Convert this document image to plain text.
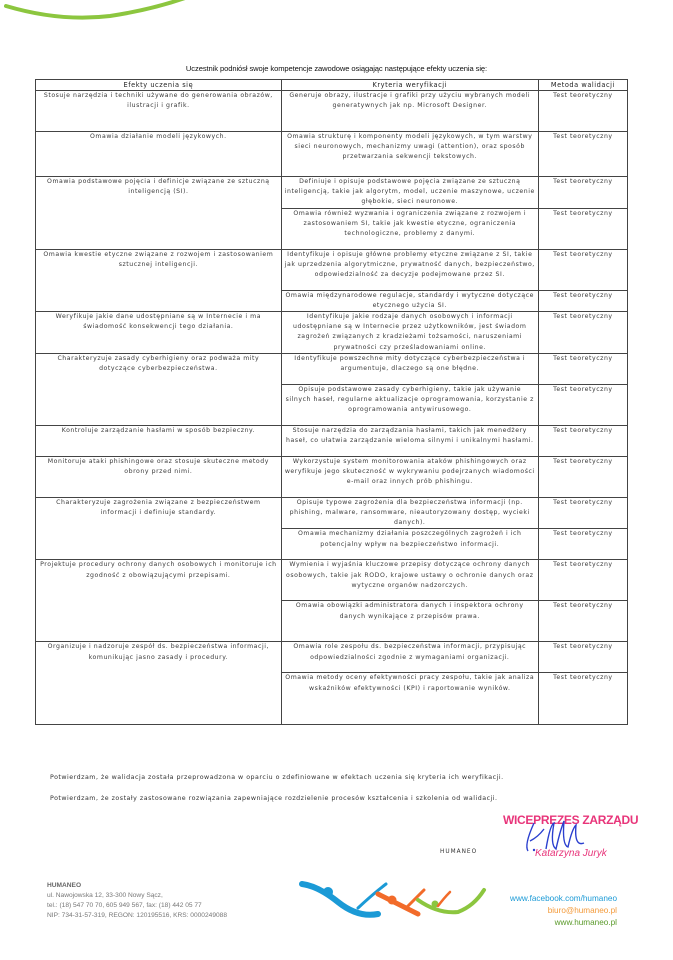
Uczestnik podniósł swoje kompetencje zawodowe osiągając następujące efekty uczenia się:
Efekty uczenia się	Kryteria weryfikacji	Metoda walidacji
Stosuje narzędzia i techniki używane do generowania obrazów, ilustracji i grafik.	Generuje obrazy, ilustracje i grafiki przy użyciu wybranych modeli generatywnych jak np. Microsoft Designer.	Test teoretyczny
Omawia działanie modeli językowych.	Omawia strukturę i komponenty modeli językowych, w tym warstwy sieci neuronowych, mechanizmy uwagi (attention), oraz sposób przetwarzania sekwencji tekstowych.	Test teoretyczny
Omawia podstawowe pojęcia i definicje związane ze sztuczną inteligencją (SI).	Definiuje i opisuje podstawowe pojęcia związane ze sztuczną inteligencją, takie jak algorytm, model, uczenie maszynowe, uczenie głębokie, sieci neuronowe.	Test teoretyczny
	Omawia również wyzwania i ograniczenia związane z rozwojem i zastosowaniem SI, takie jak kwestie etyczne, ograniczenia technologiczne, problemy z danymi.	Test teoretyczny
Omawia kwestie etyczne związane z rozwojem i zastosowaniem sztucznej inteligencji.	Identyfikuje i opisuje główne problemy etyczne związane z SI, takie jak uprzedzenia algorytmiczne, prywatność danych, bezpieczeństwo, odpowiedzialność za decyzje podejmowane przez SI.	Test teoretyczny
	Omawia międzynarodowe regulacje, standardy i wytyczne dotyczące etycznego użycia SI.	Test teoretyczny
Weryfikuje jakie dane udostępniane są w Internecie i ma świadomość konsekwencji tego działania.	Identyfikuje jakie rodzaje danych osobowych i informacji udostępniane są w Internecie przez użytkowników, jest świadom zagrożeń związanych z kradzieżami tożsamości, naruszeniami prywatności czy prześladowaniami online.	Test teoretyczny
Charakteryzuje zasady cyberhigieny oraz podważa mity dotyczące cyberbezpieczeństwa.	Identyfikuje powszechne mity dotyczące cyberbezpieczeństwa i argumentuje, dlaczego są one błędne.	Test teoretyczny
	Opisuje podstawowe zasady cyberhigieny, takie jak używanie silnych haseł, regularne aktualizacje oprogramowania, korzystanie z oprogramowania antywirusowego.	Test teoretyczny
Kontroluje zarządzanie hasłami w sposób bezpieczny.	Stosuje narzędzia do zarządzania hasłami, takich jak menedżery haseł, co ułatwia zarządzanie wieloma silnymi i unikalnymi hasłami.	Test teoretyczny
Monitoruje ataki phishingowe oraz stosuje skuteczne metody obrony przed nimi.	Wykorzystuje system monitorowania ataków phishingowych oraz weryfikuje jego skuteczność w wykrywaniu podejrzanych wiadomości e-mail oraz innych prób phishingu.	Test teoretyczny
Charakteryzuje zagrożenia związane z bezpieczeństwem informacji i definiuje standardy.	Opisuje typowe zagrożenia dla bezpieczeństwa informacji (np. phishing, malware, ransomware, nieautoryzowany dostęp, wycieki danych).	Test teoretyczny
	Omawia mechanizmy działania poszczególnych zagrożeń i ich potencjalny wpływ na bezpieczeństwo informacji.	Test teoretyczny
Projektuje procedury ochrony danych osobowych i monitoruje ich zgodność z obowiązującymi przepisami.	Wymienia i wyjaśnia kluczowe przepisy dotyczące ochrony danych osobowych, takie jak RODO, krajowe ustawy o ochronie danych oraz wytyczne organów nadzorczych.	Test teoretyczny
	Omawia obowiązki administratora danych i inspektora ochrony danych wynikające z przepisów prawa.	Test teoretyczny
Organizuje i nadzoruje zespół ds. bezpieczeństwa informacji, komunikując jasno zasady i procedury.	Omawia role zespołu ds. bezpieczeństwa informacji, przypisując odpowiedzialności zgodnie z wymaganiami organizacji.	Test teoretyczny
	Omawia metody oceny efektywności pracy zespołu, takie jak analiza wskaźników efektywności (KPI) i raportowanie wyników.	Test teoretyczny
Potwierdzam, że walidacja została przeprowadzona w oparciu o zdefiniowane w efektach uczenia się kryteria ich weryfikacji.
Potwierdzam, że zostały zastosowane rozwiązania zapewniające rozdzielenie procesów kształcenia i szkolenia od walidacji.
HUMANEO
WICEPREZES ZARZĄDU
Katarzyna Juryk
HUMANEO
ul. Nawojowska 12, 33-300 Nowy Sącz,
tel.: (18) 547 70 70, 605 949 567, fax: (18) 442 05 77
NIP: 734-31-57-319, REGON: 120195516, KRS: 0000249088
www.facebook.com/humaneo
biuro@humaneo.pl
www.humaneo.pl
